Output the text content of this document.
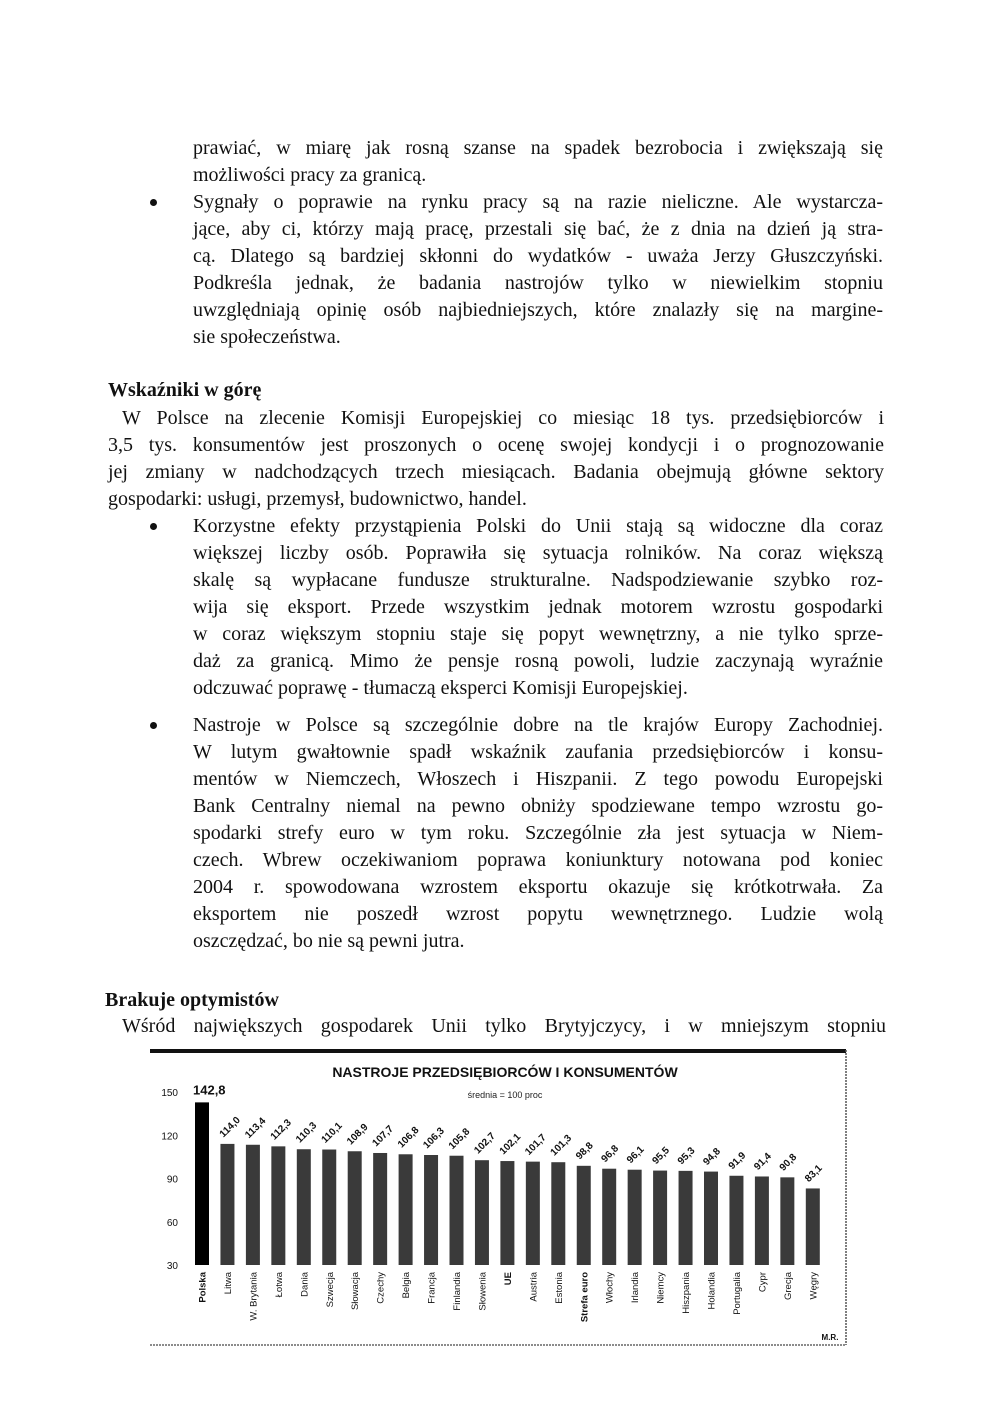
prawiać, w miarę jak rosną szanse na spadek bezrobocia i zwiększają się
możliwości pracy za granicą.
Sygnały o poprawie na rynku pracy są na razie nieliczne. Ale wystarcza-
jące, aby ci, którzy mają pracę, przestali się bać, że z dnia na dzień ją stra-
cą. Dlatego są bardziej skłonni do wydatków - uważa Jerzy Głuszczyński.
Podkreśla jednak, że badania nastrojów tylko w niewielkim stopniu
uwzględniają opinię osób najbiedniejszych, które znalazły się na margine-
sie społeczeństwa.
Wskaźniki w górę
W Polsce na zlecenie Komisji Europejskiej co miesiąc 18 tys. przedsiębiorców i
3,5 tys. konsumentów jest proszonych o ocenę swojej kondycji i o prognozowanie
jej zmiany w nadchodzących trzech miesiącach. Badania obejmują główne sektory
gospodarki: usługi, przemysł, budownictwo, handel.
Korzystne efekty przystąpienia Polski do Unii stają są widoczne dla coraz
większej liczby osób. Poprawiła się sytuacja rolników. Na coraz większą
skalę są wypłacane fundusze strukturalne. Nadspodziewanie szybko roz-
wija się eksport. Przede wszystkim jednak motorem wzrostu gospodarki
w coraz większym stopniu staje się popyt wewnętrzny, a nie tylko sprze-
daż za granicą. Mimo że pensje rosną powoli, ludzie zaczynają wyraźnie
odczuwać poprawę - tłumaczą eksperci Komisji Europejskiej.
Nastroje w Polsce są szczególnie dobre na tle krajów Europy Zachodniej.
W lutym gwałtownie spadł wskaźnik zaufania przedsiębiorców i konsu-
mentów w Niemczech, Włoszech i Hiszpanii. Z tego powodu Europejski
Bank Centralny niemal na pewno obniży spodziewane tempo wzrostu go-
spodarki strefy euro w tym roku. Szczególnie zła jest sytuacja w Niem-
czech. Wbrew oczekiwaniom poprawa koniunktury notowana pod koniec
2004 r. spowodowana wzrostem eksportu okazuje się krótkotrwała. Za
eksportem nie poszedł wzrost popytu wewnętrznego. Ludzie wolą
oszczędzać, bo nie są pewni jutra.
Brakuje optymistów
Wśród największych gospodarek Unii tylko Brytyjczycy, i w mniejszym stopniu
NASTROJE PRZEDSIĘBIORCÓW I KONSUMENTÓW
średnia = 100 proc
M.R.
150
120
90
60
30
142,8
114,0 113,4 112,3 110,3 110,1 108,9 107,7 106,8 106,3 105,8 102,7 102,1 101,7 101,3 98,8 96,8 96,1 95,5 95,3 94,8 91,9 91,4 90,8
83,1
Polska Litwa W. Brytania Łotwa Dania Szwecja Słowacja Czechy Belgia Francja Finlandia Słowenia UE Austria Estonia Strefa euro Włochy Irlandia Niemcy Hiszpania Holandia Portugalia Cypr Grecja Węgry
